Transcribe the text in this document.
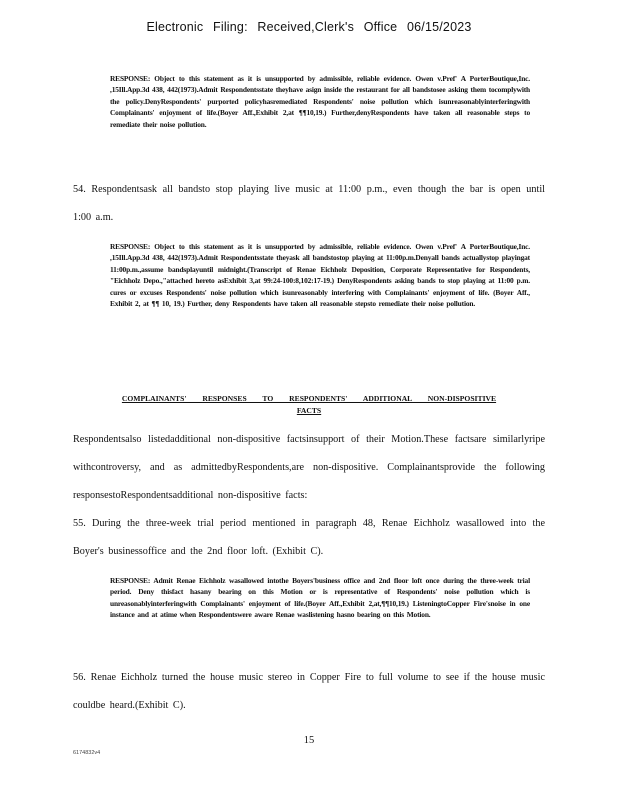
Electronic Filing: Received,Clerk's Office 06/15/2023
RESPONSE: Object to this statement as it is unsupported by admissible, reliable evidence. Owen v.Pref' A PorterBoutique,Inc. ,15Ill.App.3d 438, 442(1973).Admit Respondentsstate theyhave asign inside the restaurant for all bandstosee asking them tocomplywith the policy.DenyRespondents' purported policyhasremediated Respondents' noise pollution which isunreasonablyinterferingwith Complainants' enjoyment of life.(Boyer Aff.,Exhibit 2,at ¶¶10,19.) Further,denyRespondents have taken all reasonable steps to remediate their noise pollution.
54. Respondentsask all bandsto stop playing live music at 11:00 p.m., even though the bar is open until 1:00 a.m.
RESPONSE: Object to this statement as it is unsupported by admissible, reliable evidence. Owen v.Pref' A PorterBoutique,Inc. ,15Ill.App.3d 438, 442(1973).Admit Respondentsstate theyask all bandstostop playing at 11:00p.m.Denyall bands actuallystop playingat 11:00p.m.,assume bandsplayuntil midnight.(Transcript of Renae Eichholz Deposition, Corporate Representative for Respondents, "Eichholz Depo.,"attached hereto asExhibit 3,at 99:24-100:8,102:17-19.) DenyRespondents asking bands to stop playing at 11:00 p.m. cures or excuses Respondents' noise pollution which isunreasonably interfering with Complainants' enjoyment of life. (Boyer Aff., Exhibit 2, at ¶¶ 10, 19.) Further, deny Respondents have taken all reasonable stepsto remediate their noise pollution.
COMPLAINANTS' RESPONSES TO RESPONDENTS' ADDITIONAL NON-DISPOSITIVE FACTS
Respondentsalso listedadditional non-dispositive factsinsupport of their Motion.These factsare similarlyripe withcontroversy, and as admittedbyRespondents,are non-dispositive. Complainantsprovide the following responsestoRespondentsadditional non-dispositive facts:
55. During the three-week trial period mentioned in paragraph 48, Renae Eichholz wasallowed into the Boyer's businessoffice and the 2nd floor loft. (Exhibit C).
RESPONSE: Admit Renae Eichholz wasallowed intothe Boyers'business office and 2nd floor loft once during the three-week trial period. Deny thisfact hasany bearing on this Motion or is representative of Respondents' noise pollution which is unreasonablyinterferingwith Complainants' enjoyment of life.(Boyer Aff.,Exhibit 2,at,¶¶10,19.) ListeningtoCopper Fire'snoise in one instance and at atime when Respondentswere aware Renae waslistening hasno bearing on this Motion.
56. Renae Eichholz turned the house music stereo in Copper Fire to full volume to see if the house music couldbe heard.(Exhibit C).
15
6174832v4
